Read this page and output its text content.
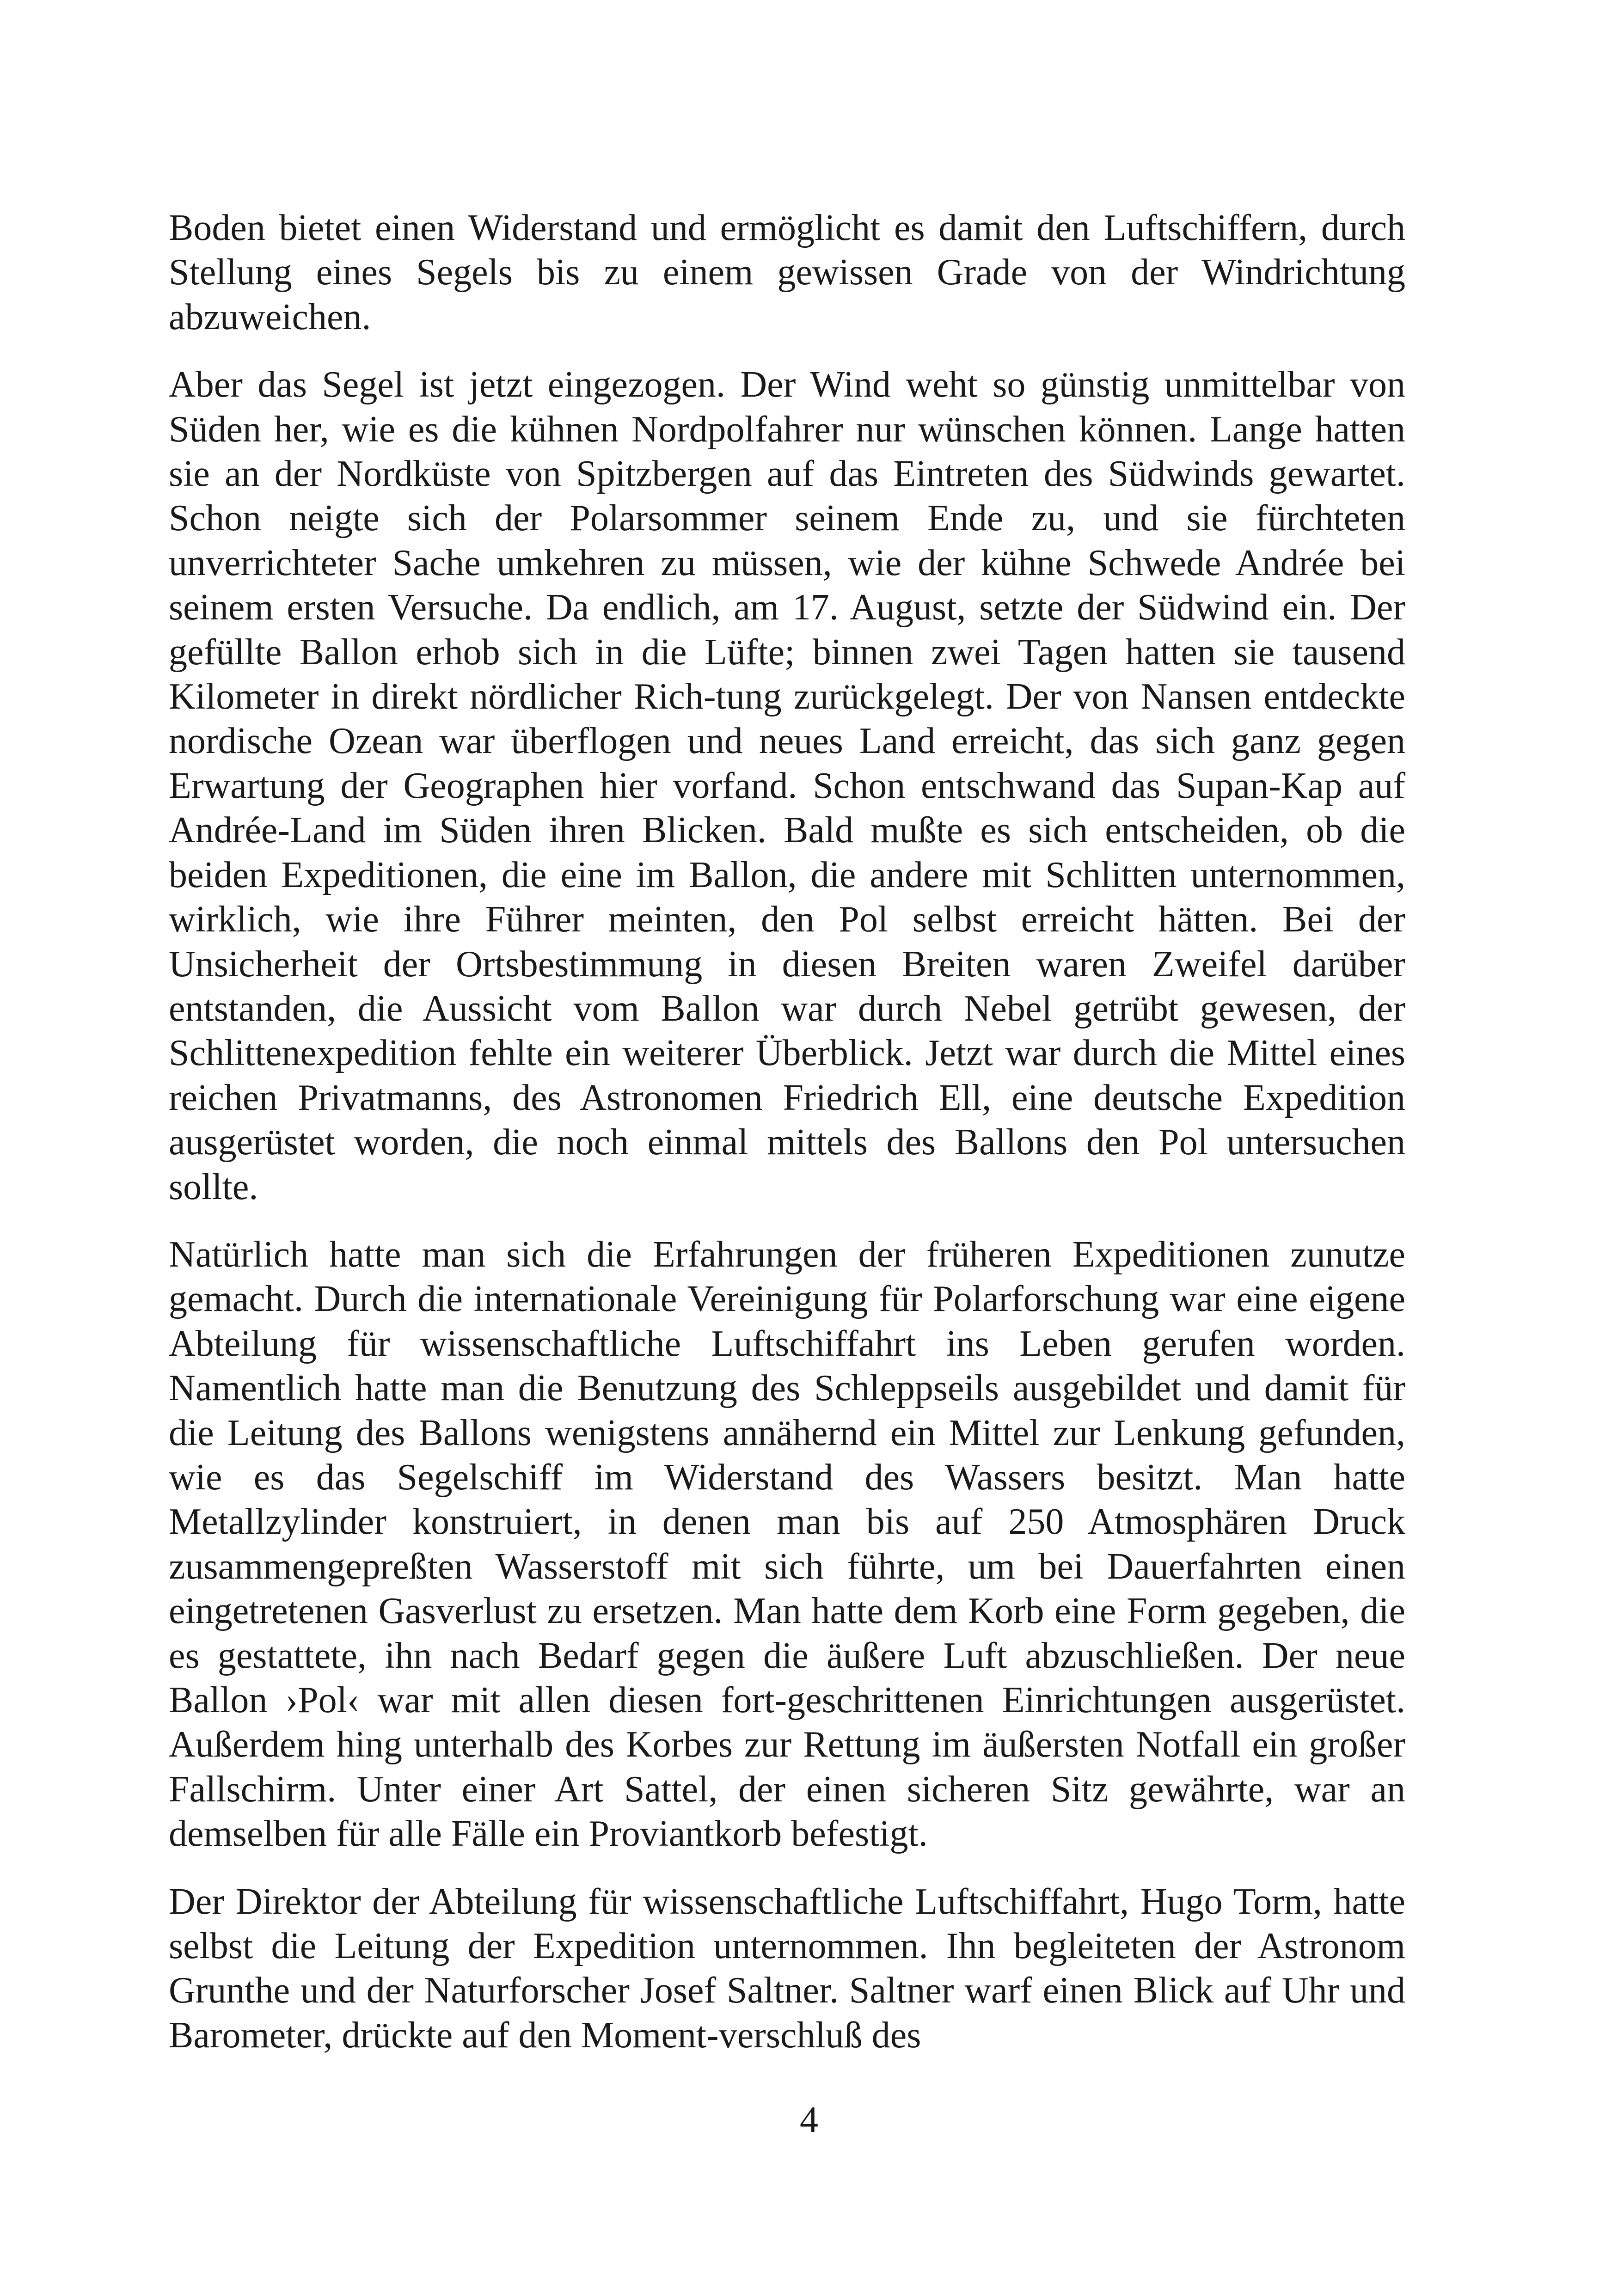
Boden bietet einen Widerstand und ermöglicht es damit den Luftschiffern, durch Stellung eines Segels bis zu einem gewissen Grade von der Windrichtung abzuweichen.

Aber das Segel ist jetzt eingezogen. Der Wind weht so günstig unmittelbar von Süden her, wie es die kühnen Nordpolfahrer nur wünschen können. Lange hatten sie an der Nordküste von Spitzbergen auf das Eintreten des Südwinds gewartet. Schon neigte sich der Polarsommer seinem Ende zu, und sie fürchteten unverrichteter Sache umkehren zu müssen, wie der kühne Schwede Andrée bei seinem ersten Versuche. Da endlich, am 17. August, setzte der Südwind ein. Der gefüllte Ballon erhob sich in die Lüfte; binnen zwei Tagen hatten sie tausend Kilometer in direkt nördlicher Rich-tung zurückgelegt. Der von Nansen entdeckte nordische Ozean war überflogen und neues Land erreicht, das sich ganz gegen Erwartung der Geographen hier vorfand. Schon entschwand das Supan-Kap auf Andrée-Land im Süden ihren Blicken. Bald mußte es sich entscheiden, ob die beiden Expeditionen, die eine im Ballon, die andere mit Schlitten unternommen, wirklich, wie ihre Führer meinten, den Pol selbst erreicht hätten. Bei der Unsicherheit der Ortsbestimmung in diesen Breiten waren Zweifel darüber entstanden, die Aussicht vom Ballon war durch Nebel getrübt gewesen, der Schlittenexpedition fehlte ein weiterer Überblick. Jetzt war durch die Mittel eines reichen Privatmanns, des Astronomen Friedrich Ell, eine deutsche Expedition ausgerüstet worden, die noch einmal mittels des Ballons den Pol untersuchen sollte.

Natürlich hatte man sich die Erfahrungen der früheren Expeditionen zunutze gemacht. Durch die internationale Vereinigung für Polarforschung war eine eigene Abteilung für wissenschaftliche Luftschiffahrt ins Leben gerufen worden. Namentlich hatte man die Benutzung des Schleppseils ausgebildet und damit für die Leitung des Ballons wenigstens annähernd ein Mittel zur Lenkung gefunden, wie es das Segelschiff im Widerstand des Wassers besitzt. Man hatte Metallzylinder konstruiert, in denen man bis auf 250 Atmosphären Druck zusammengepreßten Wasserstoff mit sich führte, um bei Dauerfahrten einen eingetretenen Gasverlust zu ersetzen. Man hatte dem Korb eine Form gegeben, die es gestattete, ihn nach Bedarf gegen die äußere Luft abzuschließen. Der neue Ballon ›Pol‹ war mit allen diesen fort-geschrittenen Einrichtungen ausgerüstet. Außerdem hing unterhalb des Korbes zur Rettung im äußersten Notfall ein großer Fallschirm. Unter einer Art Sattel, der einen sicheren Sitz gewährte, war an demselben für alle Fälle ein Proviantkorb befestigt.

Der Direktor der Abteilung für wissenschaftliche Luftschiffahrt, Hugo Torm, hatte selbst die Leitung der Expedition unternommen. Ihn begleiteten der Astronom Grunthe und der Naturforscher Josef Saltner. Saltner warf einen Blick auf Uhr und Barometer, drückte auf den Moment-verschluß des

4
